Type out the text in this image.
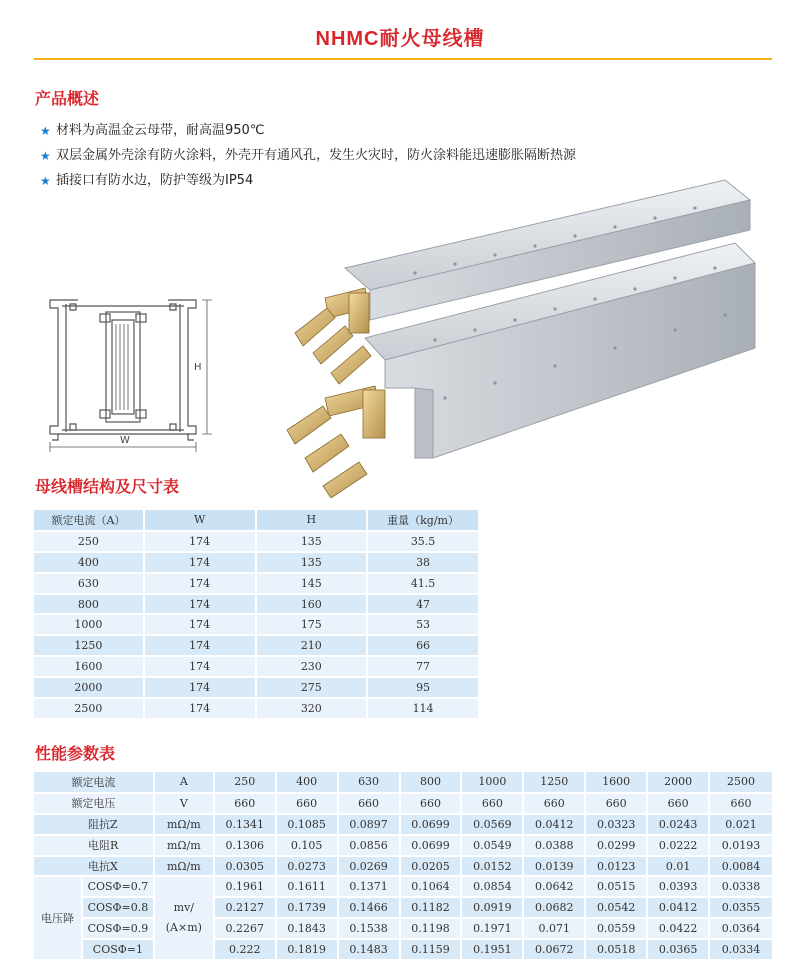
NHMC耐火母线槽
产品概述
★ 材料为高温金云母带，耐高温950℃
★ 双层金属外壳涂有防火涂料，外壳开有通风孔，发生火灾时，防火涂料能迅速膨胀隔断热源
★ 插接口有防水边，防护等级为IP54
W
H
母线槽结构及尺寸表
额定电流（A）	W	H	重量（kg/m）
250	174	135	35.5
400	174	135	38
630	174	145	41.5
800	174	160	47
1000	174	175	53
1250	174	210	66
1600	174	230	77
2000	174	275	95
2500	174	320	114
性能参数表
额定电流		A	250	400	630	800	1000	1250	1600	2000	2500
额定电压		V	660	660	660	660	660	660	660	660	660
阻抗Z		mΩ/m	0.1341	0.1085	0.0897	0.0699	0.0569	0.0412	0.0323	0.0243	0.021
电阻R		mΩ/m	0.1306	0.105	0.0856	0.0699	0.0549	0.0388	0.0299	0.0222	0.0193
电抗X		mΩ/m	0.0305	0.0273	0.0269	0.0205	0.0152	0.0139	0.0123	0.01	0.0084
电压降	COSΦ=0.7	mv/
(A×m)	0.1961	0.1611	0.1371	0.1064	0.0854	0.0642	0.0515	0.0393	0.0338
	COSΦ=0.8		0.2127	0.1739	0.1466	0.1182	0.0919	0.0682	0.0542	0.0412	0.0355
	COSΦ=0.9		0.2267	0.1843	0.1538	0.1198	0.1971	0.071	0.0559	0.0422	0.0364
	COSΦ=1		0.222	0.1819	0.1483	0.1159	0.1951	0.0672	0.0518	0.0365	0.0334
